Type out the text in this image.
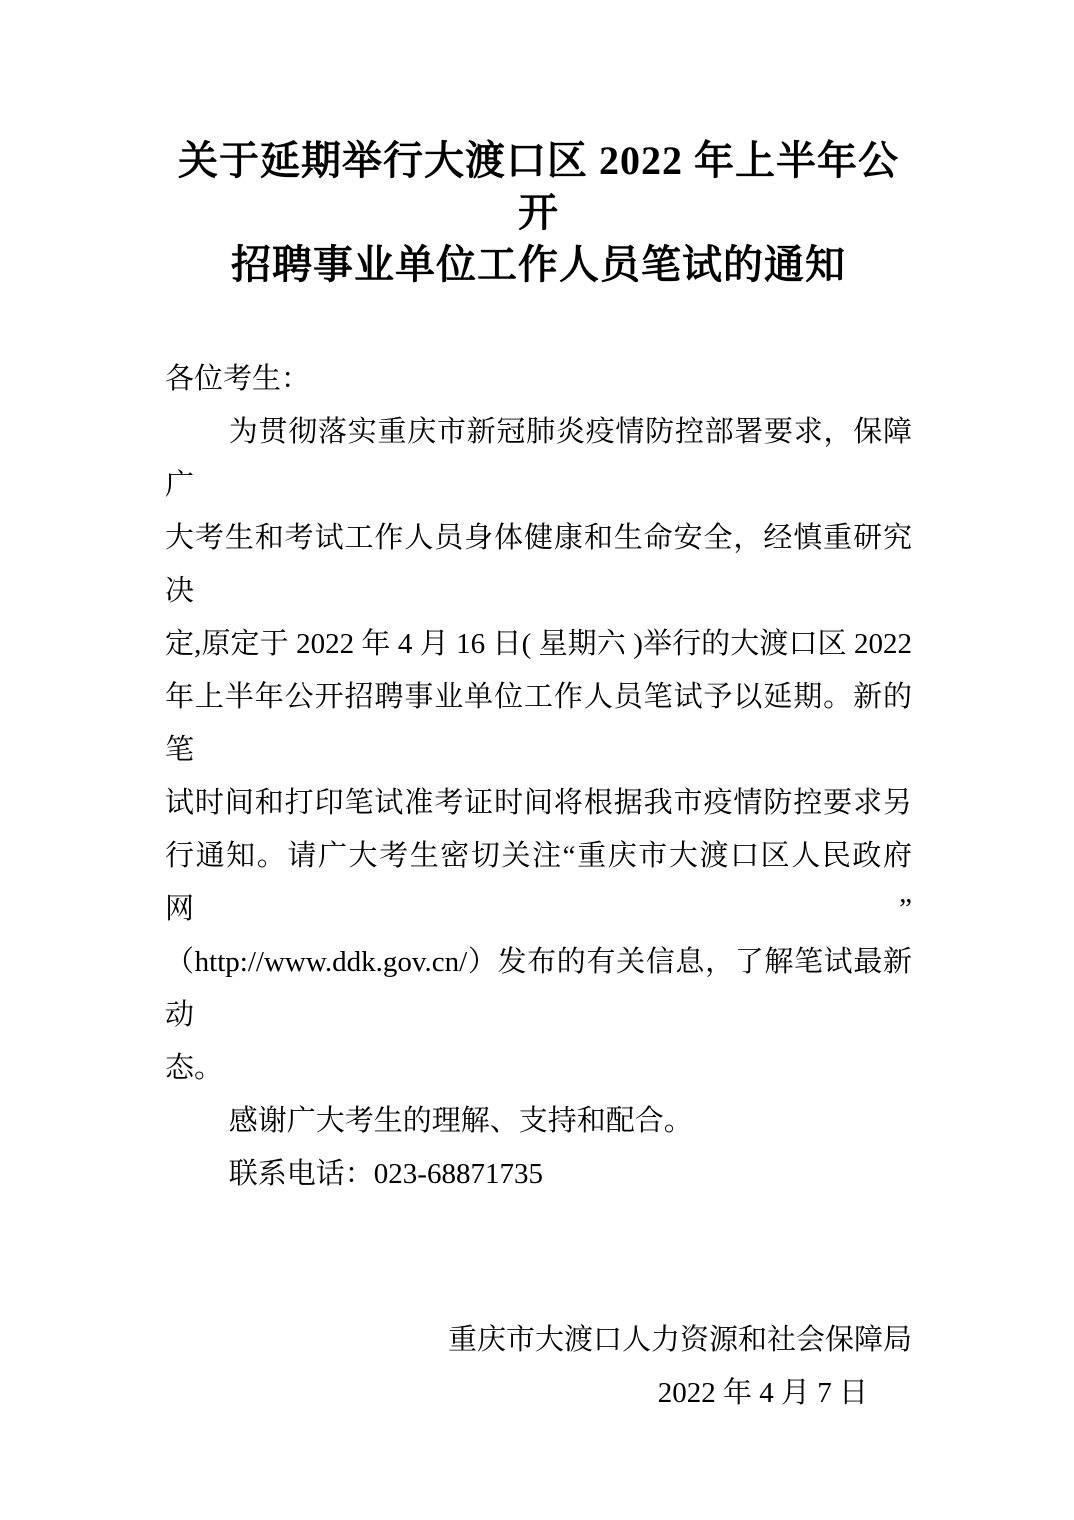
关于延期举行大渡口区 2022 年上半年公开
招聘事业单位工作人员笔试的通知
各位考生：
为贯彻落实重庆市新冠肺炎疫情防控部署要求，保障广
大考生和考试工作人员身体健康和生命安全，经慎重研究决
定,原定于 2022 年 4 月 16 日( 星期六 )举行的大渡口区 2022
年上半年公开招聘事业单位工作人员笔试予以延期。新的笔
试时间和打印笔试准考证时间将根据我市疫情防控要求另
行通知。请广大考生密切关注“重庆市大渡口区人民政府网”
（http://www.ddk.gov.cn/）发布的有关信息，了解笔试最新动
态。
感谢广大考生的理解、支持和配合。
联系电话：023-68871735
重庆市大渡口人力资源和社会保障局
2022 年 4 月 7 日
